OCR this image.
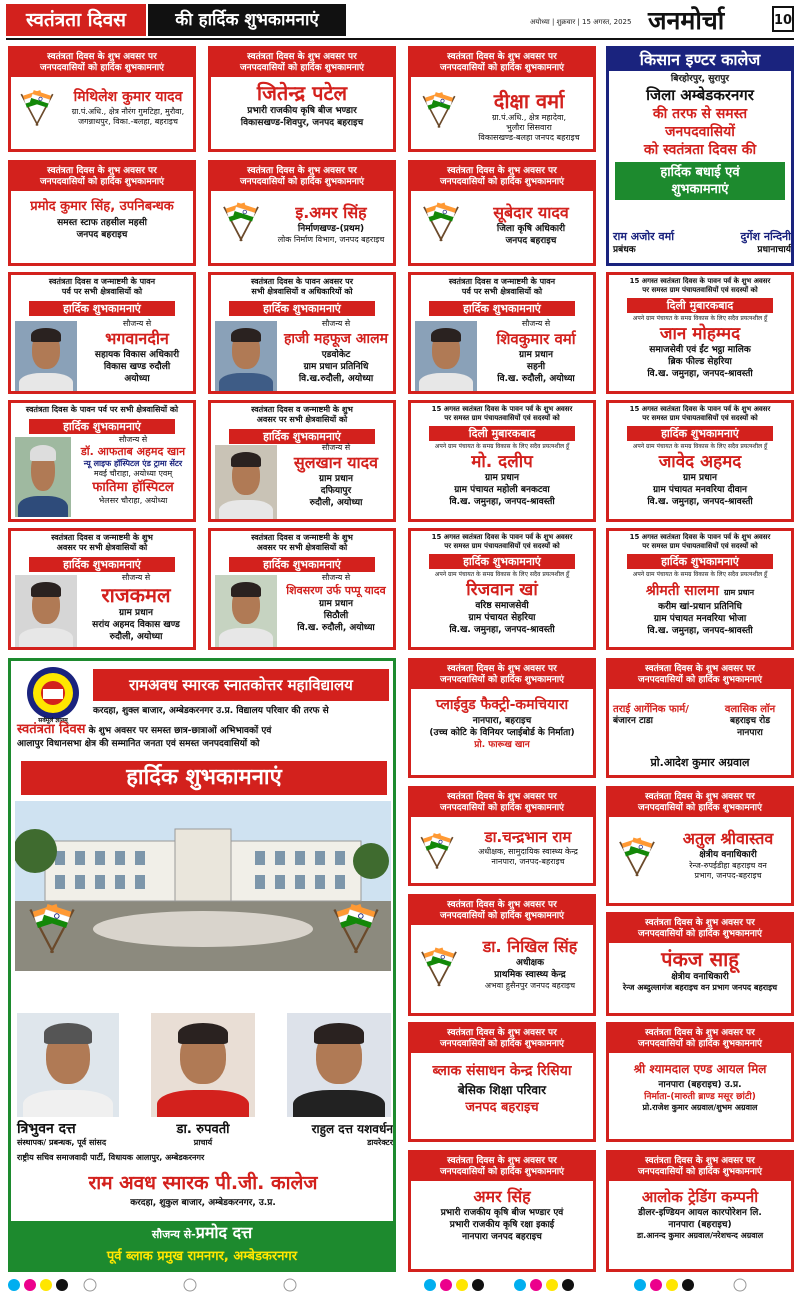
स्वतंत्रता दिवस	की हार्दिक शुभकामनाएं	अयोध्या | शुक्रवार | 15 अगस्त, 2025 जनमोर्चा	10
स्वतंत्रता दिवस के शुभ अवसर पर
जनपदवासियों को हार्दिक शुभकामनाएं
मिथिलेश कुमार यादव
ग्रा.पं.अधि., क्षेत्र नौरंग गुमटिहा, मुरौवा,
जगन्नाथपुर, विका.-बलहा, बहराइच
स्वतंत्रता दिवस के शुभ अवसर पर
जनपदवासियों को हार्दिक शुभकामनाएं
जितेन्द्र पटेल
प्रभारी राजकीय कृषि बीज भण्डार
विकासखण्ड-शिवपुर, जनपद बहराइच
स्वतंत्रता दिवस के शुभ अवसर पर
जनपदवासियों को हार्दिक शुभकामनाएं
दीक्षा वर्मा
ग्रा.पं.अधि., क्षेत्र महादेवा,
भुलौरा सिसवारा
विकासखण्ड-बलहा जनपद बहराइच
किसान इण्टर कालेज
बिरहोरपुर, सुरापुर
जिला अम्बेडकरनगर
की तरफ से समस्त
जनपदवासियों
को स्वतंत्रता दिवस की
हार्दिक बधाई एवं
शुभकामनाएं
राम अजोर वर्मा
प्रबंधक
दुर्गेश नन्दिनी
प्रधानाचार्य
स्वतंत्रता दिवस के शुभ अवसर पर
जनपदवासियों को हार्दिक शुभकामनाएं
प्रमोद कुमार सिंह, उपनिबन्धक
समस्त स्टाफ तहसील महसी
जनपद बहराइच
स्वतंत्रता दिवस के शुभ अवसर पर
जनपदवासियों को हार्दिक शुभकामनाएं
इ.अमर सिंह
निर्माणखण्ड-(प्रथम)
लोक निर्माण विभाग, जनपद बहराइच
स्वतंत्रता दिवस के शुभ अवसर पर
जनपदवासियों को हार्दिक शुभकामनाएं
सूबेदार यादव
जिला कृषि अधिकारी
जनपद बहराइच
स्वतंत्रता दिवस व जन्माष्टमी के पावन
पर्व पर सभी क्षेत्रवासियों को
हार्दिक शुभकामनाएं
सौजन्य से
भगवानदीन
सहायक विकास अधिकारी
विकास खण्ड रुदौली
अयोध्या
स्वतंत्रता दिवस के पावन अवसर पर
सभी क्षेत्रवासियों व अधिकारियों को
हार्दिक शुभकामनाएं
सौजन्य से
हाजी महफूज आलम
एडवोकेट
ग्राम प्रधान प्रतिनिधि
वि.ख.रुदौली, अयोध्या
स्वतंत्रता दिवस व जन्माष्टमी के पावन
पर्व पर सभी क्षेत्रवासियों को
हार्दिक शुभकामनाएं
सौजन्य से
शिवकुमार वर्मा
ग्राम प्रधान
सहनी
वि.ख. रुदौली, अयोध्या
15 अगस्त स्वतंत्रता दिवस के पावन पर्व के शुभ अवसर
पर समस्त ग्राम पंचायतवासियों एवं सदस्यों को
दिली मुबारकबाद
अपने ग्राम पंचायत के समग्र विकास के लिए सदैव प्रयत्नशील हूँ
जान मोहम्मद
समाजसेवी एवं ईंट भट्ठा मालिक
ब्रिक फील्ड सेहरिया
वि.ख. जमुनहा, जनपद-श्रावस्ती
स्वतंत्रता दिवस के पावन पर्व पर सभी क्षेत्रवासियों को
हार्दिक शुभकामनाएं
सौजन्य से
डॉ. आफताब अहमद खान
न्यू लाइफ हॉस्पिटल एंड ट्रामा सेंटर
मवई चौराहा, अयोध्या एवम्
फातिमा हॉस्पिटल
भेलसर चौराहा, अयोध्या
स्वतंत्रता दिवस व जन्माष्टमी के शुभ
अवसर पर सभी क्षेत्रवासियों को
हार्दिक शुभकामनाएं
सौजन्य से
सुलखान यादव
ग्राम प्रधान
दफियापुर
रुदौली, अयोध्या
15 अगस्त स्वतंत्रता दिवस के पावन पर्व के शुभ अवसर
पर समस्त ग्राम पंचायतवासियों एवं सदस्यों को
दिली मुबारकबाद
अपने ग्राम पंचायत के समग्र विकास के लिए सदैव प्रयत्नशील हूँ
मो. दलीप
ग्राम प्रधान
ग्राम पंचायत महोली बनकटवा
वि.ख. जमुनहा, जनपद-श्रावस्ती
15 अगस्त स्वतंत्रता दिवस के पावन पर्व के शुभ अवसर
पर समस्त ग्राम पंचायतवासियों एवं सदस्यों को
हार्दिक शुभकामनाएं
अपने ग्राम पंचायत के समग्र विकास के लिए सदैव प्रयत्नशील हूँ
जावेद अहमद
ग्राम प्रधान
ग्राम पंचायत मनवरिया दीवान
वि.ख. जमुनहा, जनपद-श्रावस्ती
स्वतंत्रता दिवस व जन्माष्टमी के शुभ
अवसर पर सभी क्षेत्रवासियों को
हार्दिक शुभकामनाएं
सौजन्य से
राजकमल
ग्राम प्रधान
सरांय अहमद विकास खण्ड
रुदौली, अयोध्या
स्वतंत्रता दिवस व जन्माष्टमी के शुभ
अवसर पर सभी क्षेत्रवासियों को
हार्दिक शुभकामनाएं
सौजन्य से
शिवसरण उर्फ पप्पू यादव
ग्राम प्रधान
सिठौली
वि.ख. रुदौली, अयोध्या
15 अगस्त स्वतंत्रता दिवस के पावन पर्व के शुभ अवसर
पर समस्त ग्राम पंचायतवासियों एवं सदस्यों को
हार्दिक शुभकामनाएं
अपने ग्राम पंचायत के समग्र विकास के लिए सदैव प्रयत्नशील हूँ
रिजवान खां
वरिष्ठ समाजसेवी
ग्राम पंचायत सेहरिया
वि.ख. जमुनहा, जनपद-श्रावस्ती
15 अगस्त स्वतंत्रता दिवस के पावन पर्व के शुभ अवसर
पर समस्त ग्राम पंचायतवासियों एवं सदस्यों को
हार्दिक शुभकामनाएं
अपने ग्राम पंचायत के समग्र विकास के लिए सदैव प्रयत्नशील हूँ
श्रीमती सालमा ग्राम प्रधान
करीम खां-प्रधान प्रतिनिधि
ग्राम पंचायत मनवरिया भोजा
वि.ख. जमुनहा, जनपद-श्रावस्ती
सर्वमूलं ज्ञानम्
रामअवध स्मारक स्नातकोत्तर महाविद्यालय
करदहा, शुक्ल बाजार, अम्बेडकरनगर उ.प्र. विद्यालय परिवार की तरफ से
स्वतंत्रता दिवस के शुभ अवसर पर समस्त छात्र-छात्राओं अभिभावकों एवं
आलापुर विधानसभा क्षेत्र की सम्मानित जनता एवं समस्त जनपदवासियों को
हार्दिक शुभकामनाएं
त्रिभुवन दत्त
संस्थापक/ प्रबन्धक, पूर्व सांसद
डा. रुपवती
प्राचार्य
राहुल दत्त यशवर्धन
डायरेक्टर
राष्ट्रीय सचिव समाजवादी पार्टी, विधायक आलापुर, अम्बेडकरनगर
राम अवध स्मारक पी.जी. कालेज
करदहा, शुकुल बाजार, अम्बेडकरनगर, उ.प्र.
सौजन्य से-प्रमोद दत्त
पूर्व ब्लाक प्रमुख रामनगर, अम्बेडकरनगर
स्वतंत्रता दिवस के शुभ अवसर पर
जनपदवासियों को हार्दिक शुभकामनाएं
प्लाईवुड फैक्ट्री-कमचियारा
नानपारा, बहराइच
(उच्च कोटि के विनियर प्लाईबोर्ड के निर्माता)
प्रो. फारूख खान
स्वतंत्रता दिवस के शुभ अवसर पर
जनपदवासियों को हार्दिक शुभकामनाएं
तराई आर्गेनिक फार्म/
बंजारन टाडा
वलासिक लॉन
बहराइच रोड
नानपारा
प्रो.आदेश कुमार अग्रवाल
स्वतंत्रता दिवस के शुभ अवसर पर
जनपदवासियों को हार्दिक शुभकामनाएं
डा.चन्द्रभान राम
अधीक्षक, सामुदायिक स्वास्थ्य केन्द्र
नानपारा, जनपद-बहराइच
स्वतंत्रता दिवस के शुभ अवसर पर
जनपदवासियों को हार्दिक शुभकामनाएं
अतुल श्रीवास्तव
क्षेत्रीय वनाधिकारी
रेन्ज-रुपईडीहा बहराइच वन
प्रभाग, जनपद-बहराइच
स्वतंत्रता दिवस के शुभ अवसर पर
जनपदवासियों को हार्दिक शुभकामनाएं
डा. निखिल सिंह
अधीक्षक
प्राथमिक स्वास्थ्य केन्द्र
अभवा हुसैनपुर जनपद बहराइच
स्वतंत्रता दिवस के शुभ अवसर पर
जनपदवासियों को हार्दिक शुभकामनाएं
पंकज साहू
क्षेत्रीय वनाधिकारी
रेन्ज अब्दुल्लागंज बहराइच वन प्रभाग जनपद बहराइच
स्वतंत्रता दिवस के शुभ अवसर पर
जनपदवासियों को हार्दिक शुभकामनाएं
ब्लाक संसाधन केन्द्र रिसिया
बेसिक शिक्षा परिवार
जनपद बहराइच
स्वतंत्रता दिवस के शुभ अवसर पर
जनपदवासियों को हार्दिक शुभकामनाएं
श्री श्यामदाल एण्ड आयल मिल
नानपारा (बहराइच) उ.प्र.
निर्माता-(मारुती ब्राण्ड मसूर छांटी)
प्रो.राजेश कुमार अग्रवाल/शुभम अग्रवाल
स्वतंत्रता दिवस के शुभ अवसर पर
जनपदवासियों को हार्दिक शुभकामनाएं
अमर सिंह
प्रभारी राजकीय कृषि बीज भण्डार एवं
प्रभारी राजकीय कृषि रक्षा इकाई
नानपारा जनपद बहराइच
स्वतंत्रता दिवस के शुभ अवसर पर
जनपदवासियों को हार्दिक शुभकामनाएं
आलोक ट्रेडिंग कम्पनी
डीलर-इण्डियन आयल कारपोरेशन लि.
नानपारा (बहराइच)
डा.आनन्द कुमार अग्रवाल/नरेशचन्द अग्रवाल
